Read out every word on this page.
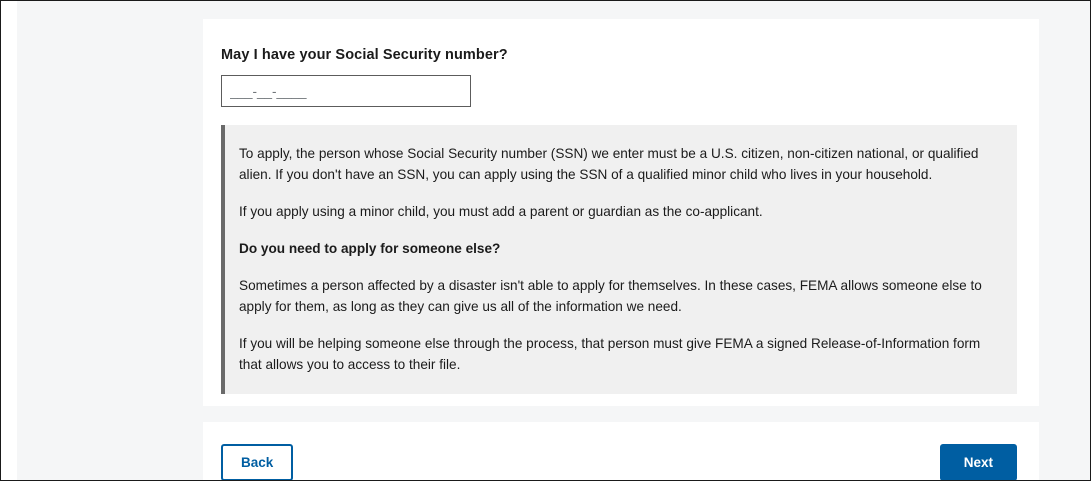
May I have your Social Security number?
___-__-____

To apply, the person whose Social Security number (SSN) we enter must be a U.S. citizen, non-citizen national, or qualified alien. If you don't have an SSN, you can apply using the SSN of a qualified minor child who lives in your household.

If you apply using a minor child, you must add a parent or guardian as the co-applicant.

Do you need to apply for someone else?

Sometimes a person affected by a disaster isn't able to apply for themselves. In these cases, FEMA allows someone else to apply for them, as long as they can give us all of the information we need.

If you will be helping someone else through the process, that person must give FEMA a signed Release-of-Information form that allows you to access to their file.

Back	Next
